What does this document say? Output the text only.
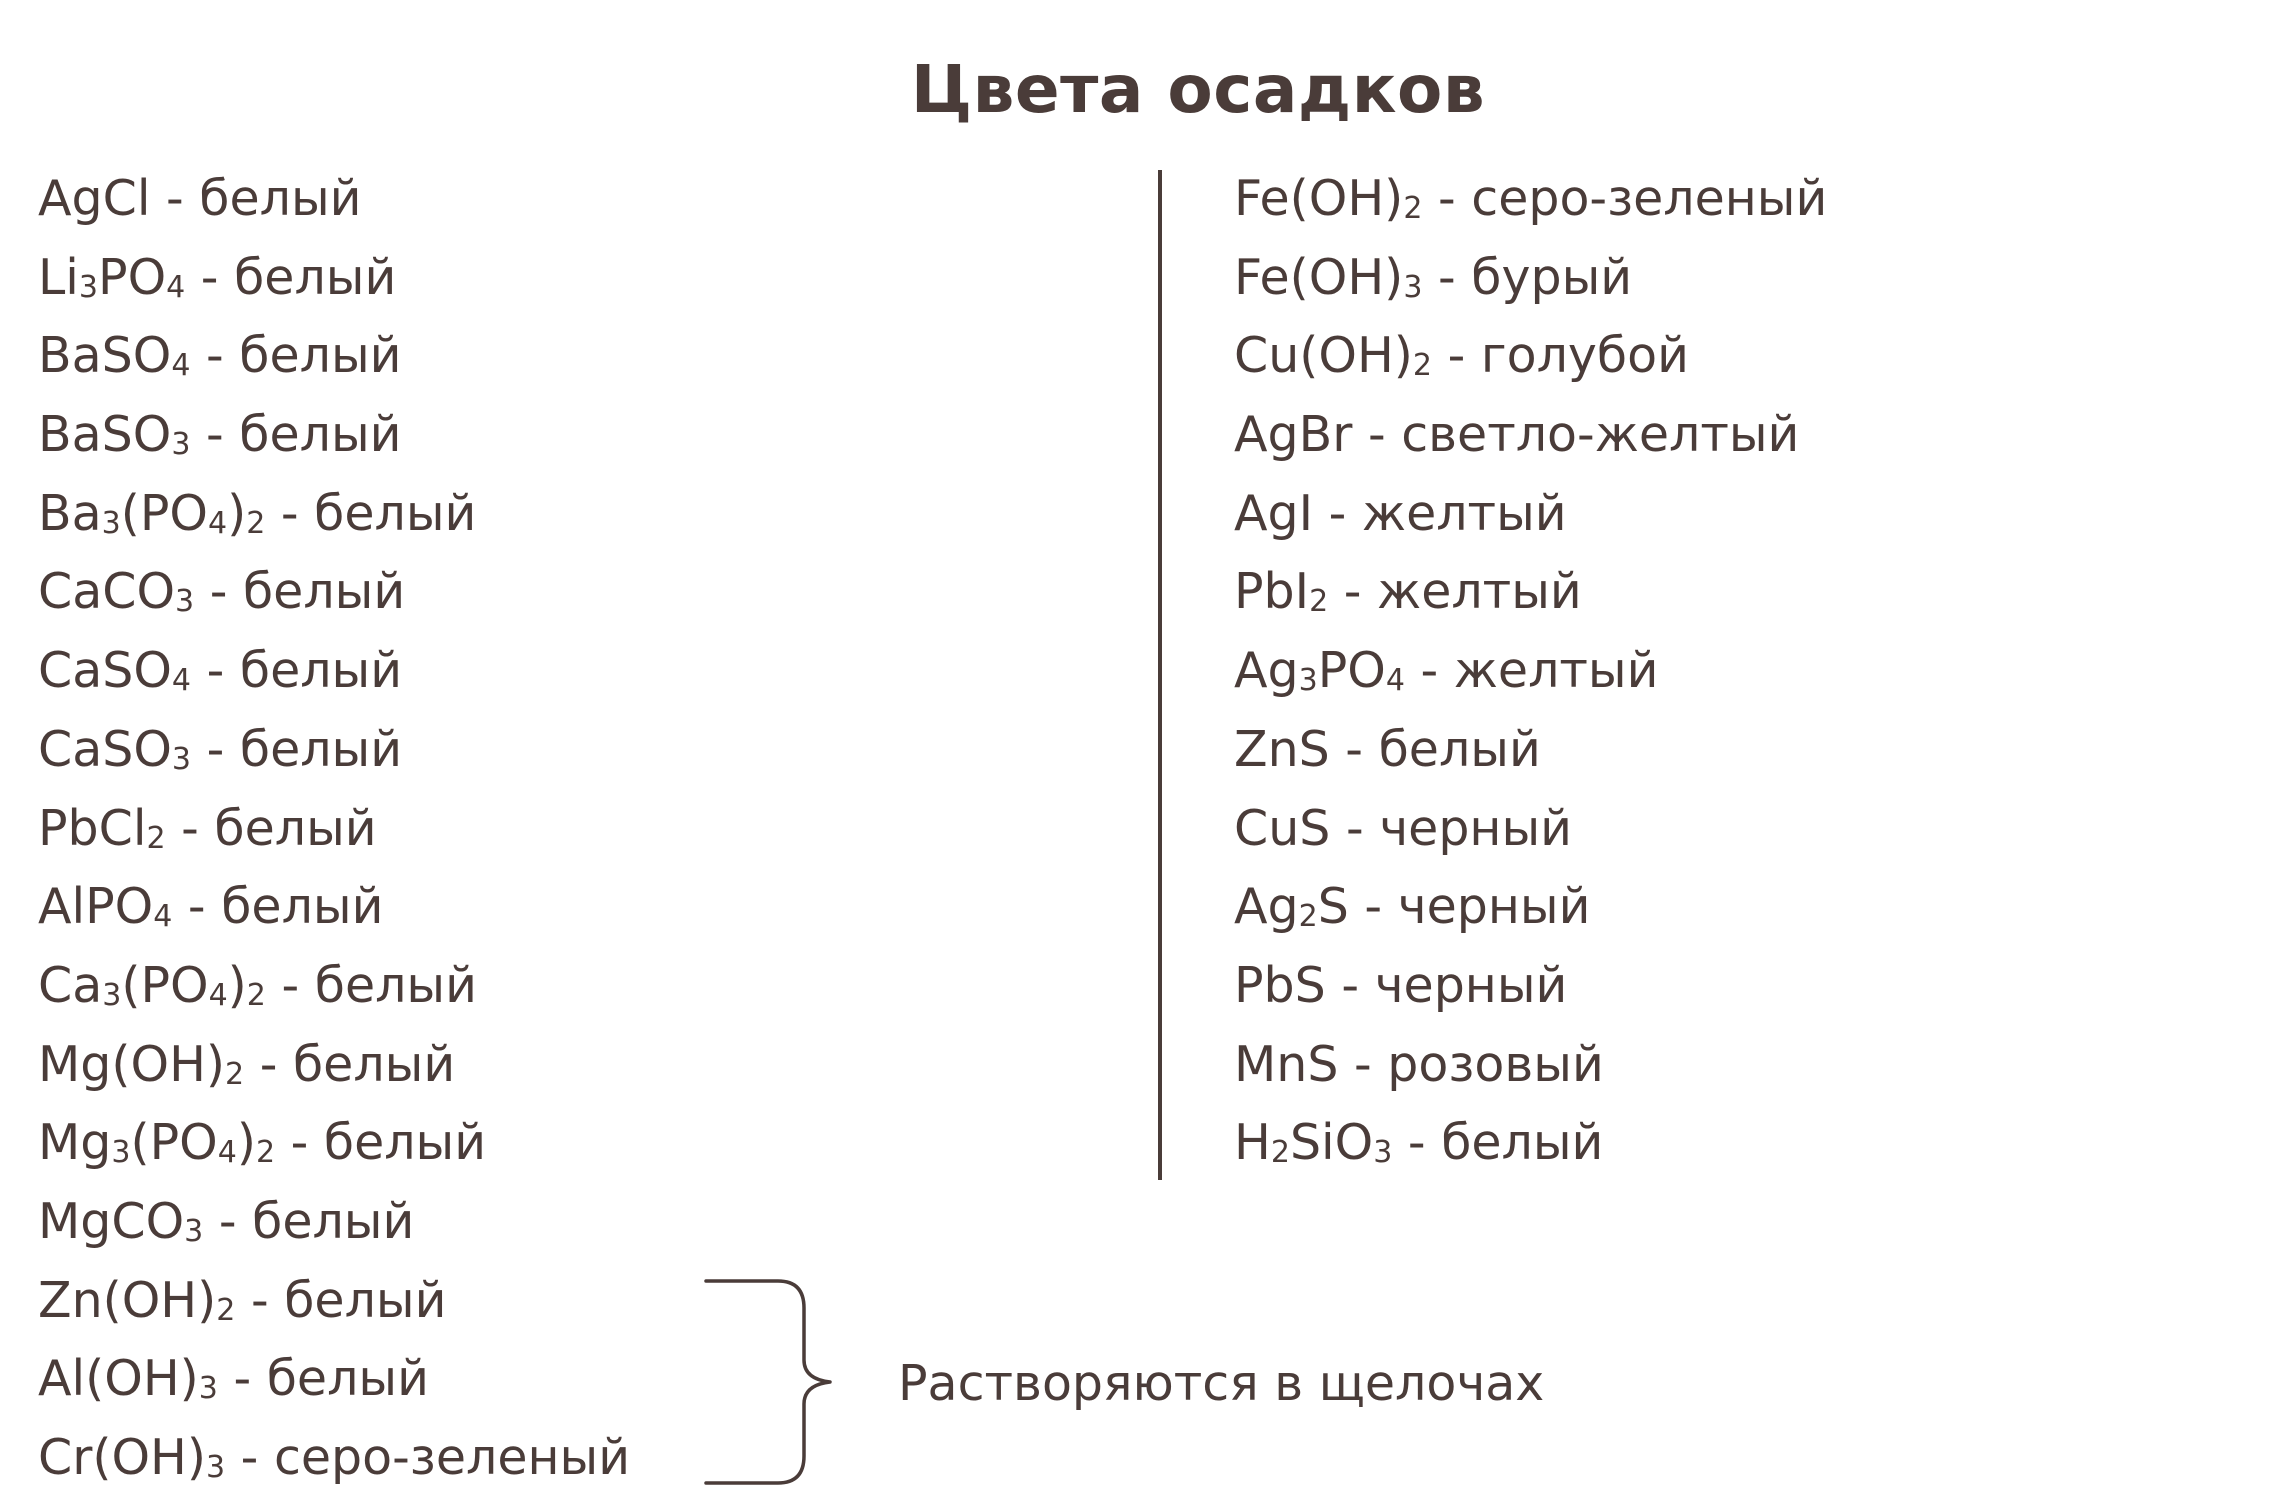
Цвета осадков
AgCl - белый
$Li_3PO_4$ - белый
BaSO$_4$ - белый
BaSO$_3$ - белый
$Ba_3(PO_4)_2$ - белый
CaCO$_3$ - белый
CaSO$_4$ - белый
CaSO$_3$ - белый
PbCl$_2$ - белый
AlPO$_4$ - белый
$Ca_3(PO_4)_2$ - белый
$Mg(OH)_2$ - белый
$Mg_3(PO_4)_2$ - белый
MgCO$_3$ - белый
$Zn(OH)_2$ - белый
$Al(OH)_3$ - белый
$Cr(OH)_3$ - серо-зеленый
$Fe(OH)_2$ - серо-зеленый
$Fe(OH)_3$ - бурый
$Cu(OH)_2$ - голубой
AgBr - светло-желтый
AgI - желтый
PbI$_2$ - желтый
$Ag_3PO_4$ - желтый
ZnS - белый
CuS - черный
$Ag_2S$ - черный
PbS - черный
MnS - розовый
$H_2SiO_3$ - белый
Растворяются в щелочах
